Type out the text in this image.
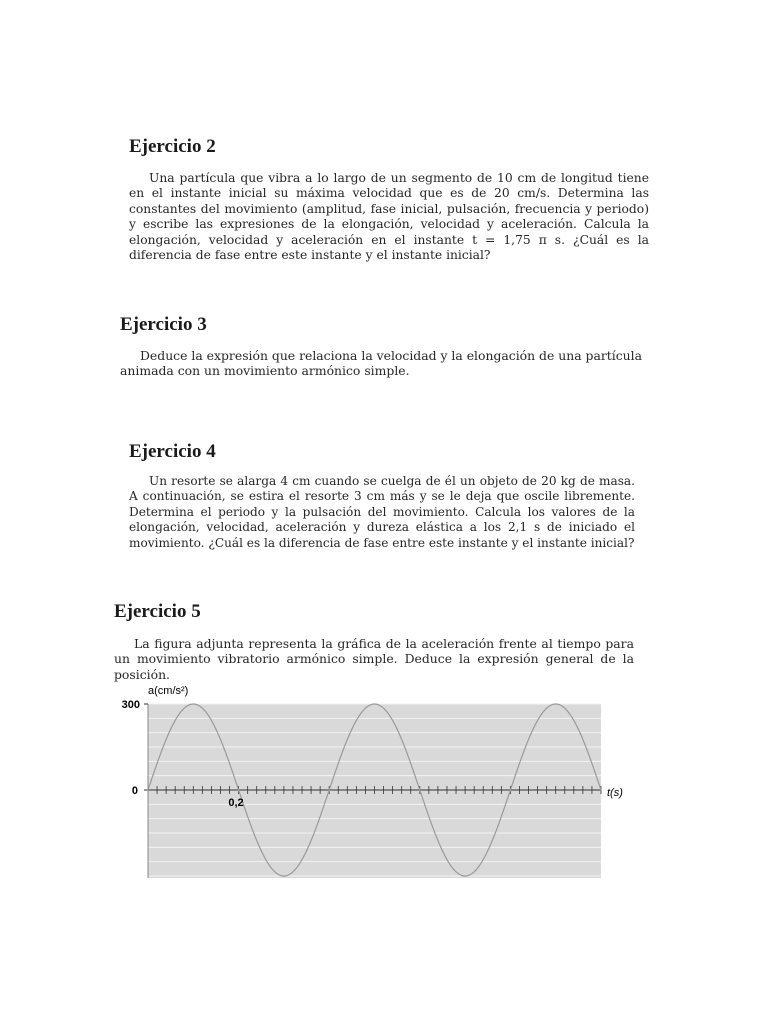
Ejercicio 2

Una partícula que vibra a lo largo de un segmento de 10 cm de longitud tiene en el instante inicial su máxima velocidad que es de 20 cm/s. Determina las constantes del movimiento (amplitud, fase inicial, pulsación, frecuencia y periodo) y escribe las expresiones de la elongación, velocidad y aceleración. Calcula la elongación, velocidad y aceleración en el instante t = 1,75 π s. ¿Cuál es la diferencia de fase entre este instante y el instante inicial?

Ejercicio 3

Deduce la expresión que relaciona la velocidad y la elongación de una partícula animada con un movimiento armónico simple.

Ejercicio 4

Un resorte se alarga 4 cm cuando se cuelga de él un objeto de 20 kg de masa. A continuación, se estira el resorte 3 cm más y se le deja que oscile libremente. Determina el periodo y la pulsación del movimiento. Calcula los valores de la elongación, velocidad, aceleración y dureza elástica a los 2,1 s de iniciado el movimiento. ¿Cuál es la diferencia de fase entre este instante y el instante inicial?

Ejercicio 5

La figura adjunta representa la gráfica de la aceleración frente al tiempo para un movimiento vibratorio armónico simple. Deduce la expresión general de la posición.

a(cm/s²)
300
0
0,2
t(s)
